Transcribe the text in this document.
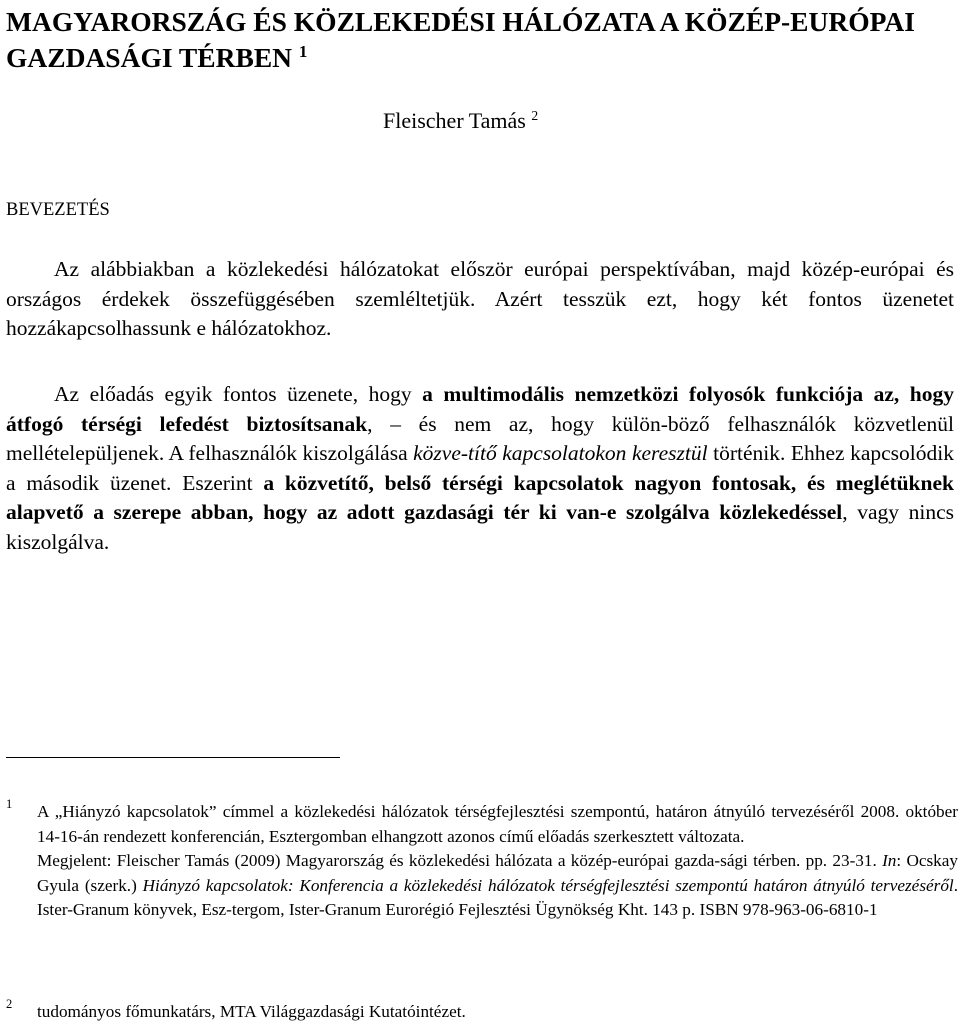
MAGYARORSZÁG ÉS KÖZLEKEDÉSI HÁLÓZATA A KÖZÉP-EURÓPAI GAZDASÁGI TÉRBEN $^1$
Fleischer Tamás $^2$
BEVEZETÉS

Az alábbiakban a közlekedési hálózatokat először európai perspektívában, majd közép-európai és országos érdekek összefüggésében szemléltetjük. Azért tesszük ezt, hogy két fontos üzenetet hozzákapcsolhassunk e hálózatokhoz.

Az előadás egyik fontos üzenete, hogy a multimodális nemzetközi folyosók funkciója az, hogy átfogó térségi lefedést biztosítsanak, – és nem az, hogy külön-böző felhasználók közvetlenül mellételepüljenek. A felhasználók kiszolgálása közve-títő kapcsolatokon keresztül történik. Ehhez kapcsolódik a második üzenet. Eszerint a közvetítő, belső térségi kapcsolatok nagyon fontosak, és meglétüknek alapvető a szerepe abban, hogy az adott gazdasági tér ki van-e szolgálva közlekedéssel, vagy nincs kiszolgálva.

1 A „Hiányzó kapcsolatok” címmel a közlekedési hálózatok térségfejlesztési szempontú, határon átnyúló tervezéséről 2008. október 14-16-án rendezett konferencián, Esztergomban elhangzott azonos című előadás szerkesztett változata.

Megjelent: Fleischer Tamás (2009) Magyarország és közlekedési hálózata a közép-európai gazda-sági térben. pp. 23-31. In: Ocskay Gyula (szerk.) Hiányzó kapcsolatok: Konferencia a közlekedési hálózatok térségfejlesztési szempontú határon átnyúló tervezéséről. Ister-Granum könyvek, Esz-tergom, Ister-Granum Eurorégió Fejlesztési Ügynökség Kht. 143 p. ISBN 978-963-06-6810-1

2 tudományos főmunkatárs, MTA Világgazdasági Kutatóintézet.
